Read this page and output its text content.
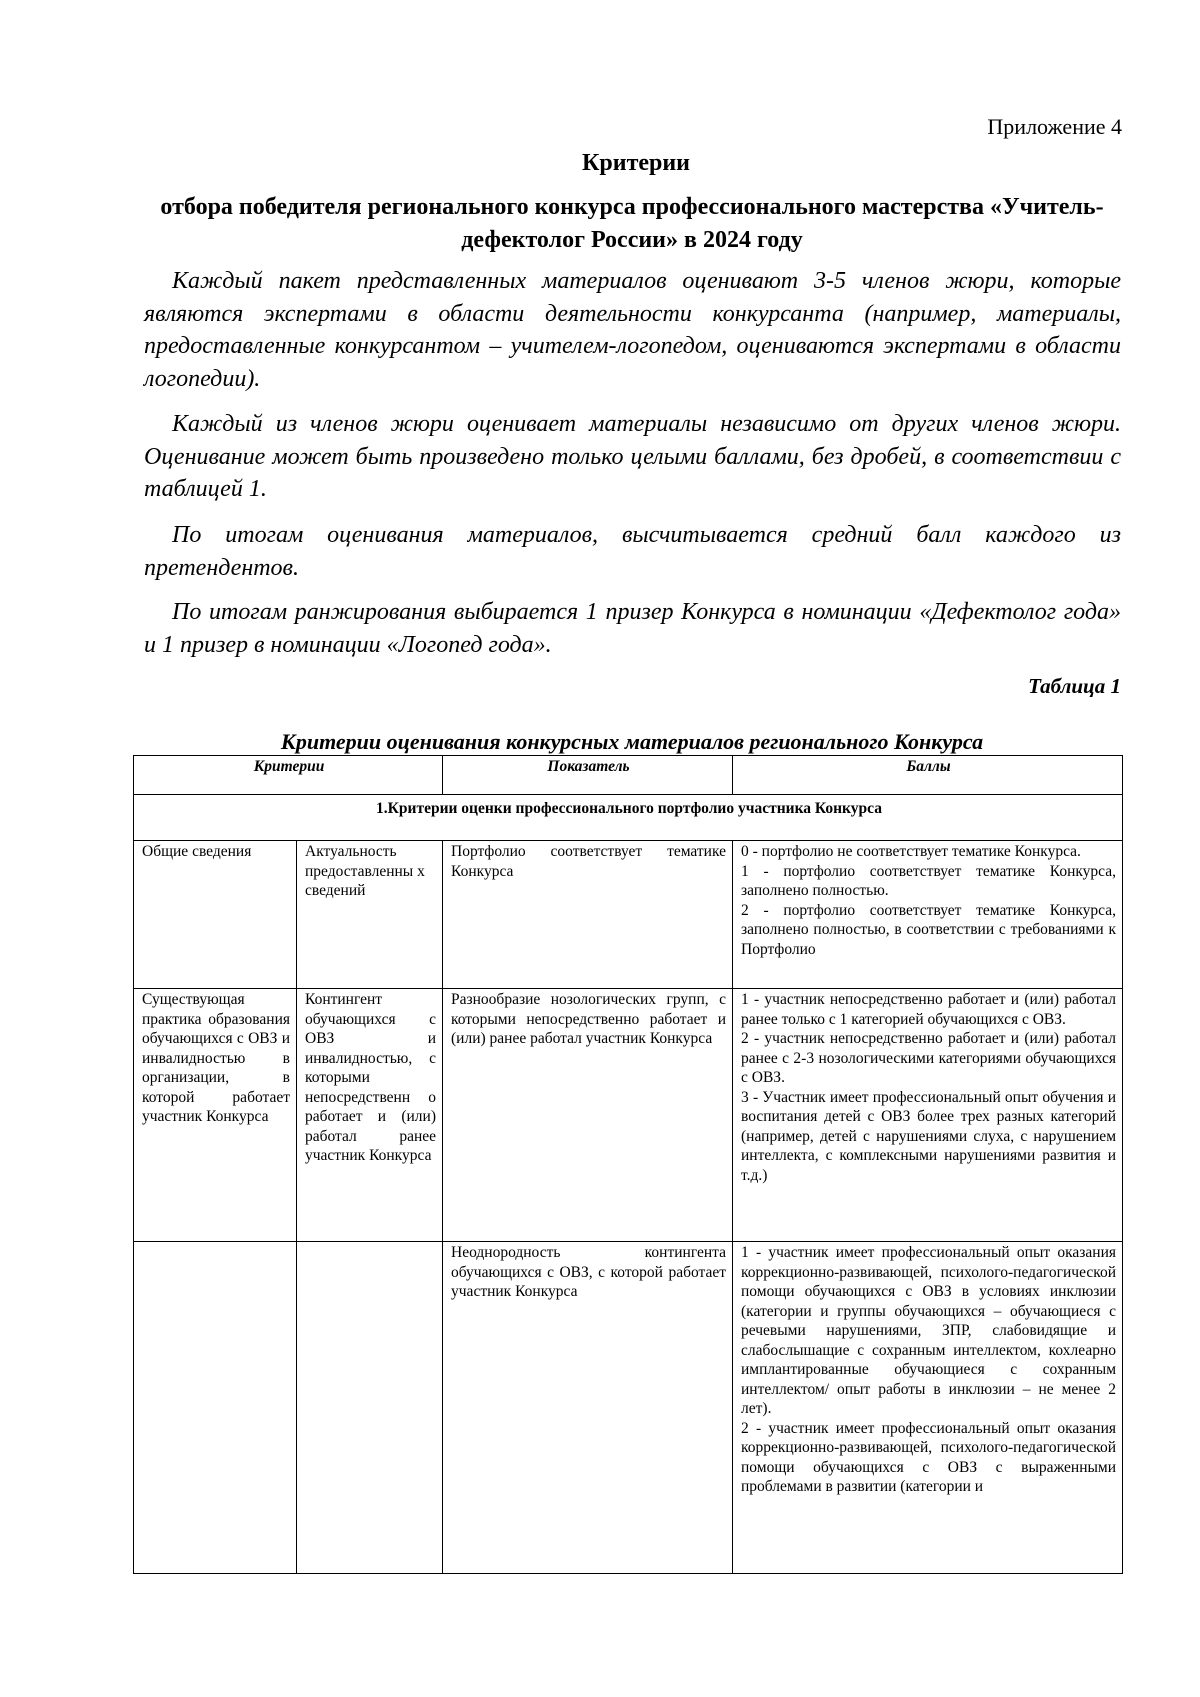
Приложение 4
Критерии
отбора победителя регионального конкурса профессионального мастерства «Учитель-дефектолог России» в 2024 году
Каждый пакет представленных материалов оценивают 3-5 членов жюри, которые являются экспертами в области деятельности конкурсанта (например, материалы, предоставленные конкурсантом – учителем-логопедом, оцениваются экспертами в области логопедии).
Каждый из членов жюри оценивает материалы независимо от других членов жюри. Оценивание может быть произведено только целыми баллами, без дробей, в соответствии с таблицей 1.
По итогам оценивания материалов, высчитывается средний балл каждого из претендентов.
По итогам ранжирования выбирается 1 призер Конкурса в номинации «Дефектолог года» и 1 призер в номинации «Логопед года».
Таблица 1
Критерии оценивания конкурсных материалов регионального Конкурса
Критерии		Показатель	Баллы
1.Критерии оценки профессионального портфолио участника Конкурса			
Общие сведения	Актуальность предоставленны х сведений	Портфолио соответствует тематике Конкурса	0 - портфолио не соответствует тематике Конкурса.

1 - портфолио соответствует тематике Конкурса, заполнено полностью.

2 - портфолио соответствует тематике Конкурса, заполнено полностью, в соответствии с требованиями к Портфолио

Существующая практика образования обучающихся с ОВЗ и инвалидностью в организации, в которой работает участник Конкурса	Контингент обучающихся с ОВЗ и инвалидностью, с которыми непосредственн о работает и (или) работал ранее участник Конкурса	Разнообразие нозологических групп, с которыми непосредственно работает и (или) ранее работал участник Конкурса	1 - участник непосредственно работает и (или) работал ранее только с 1 категорией обучающихся с ОВЗ.

2 - участник непосредственно работает и (или) работал ранее с 2-3 нозологическими категориями обучающихся с ОВЗ.

3 - Участник имеет профессиональный опыт обучения и воспитания детей с ОВЗ более трех разных категорий (например, детей с нарушениями слуха, с нарушением интеллекта, с комплексными нарушениями развития и т.д.)

		Неоднородность контингента обучающихся с ОВЗ, с которой работает участник Конкурса	1 - участник имеет профессиональный опыт оказания коррекционно-развивающей, психолого-педагогической помощи обучающихся с ОВЗ в условиях инклюзии (категории и группы обучающихся – обучающиеся с речевыми нарушениями, ЗПР, слабовидящие и слабослышащие с сохранным интеллектом, кохлеарно имплантированные обучающиеся с сохранным интеллектом/ опыт работы в инклюзии – не менее 2 лет).

2 - участник имеет профессиональный опыт оказания коррекционно-развивающей, психолого-педагогической помощи обучающихся с ОВЗ с выраженными проблемами в развитии (категории и
